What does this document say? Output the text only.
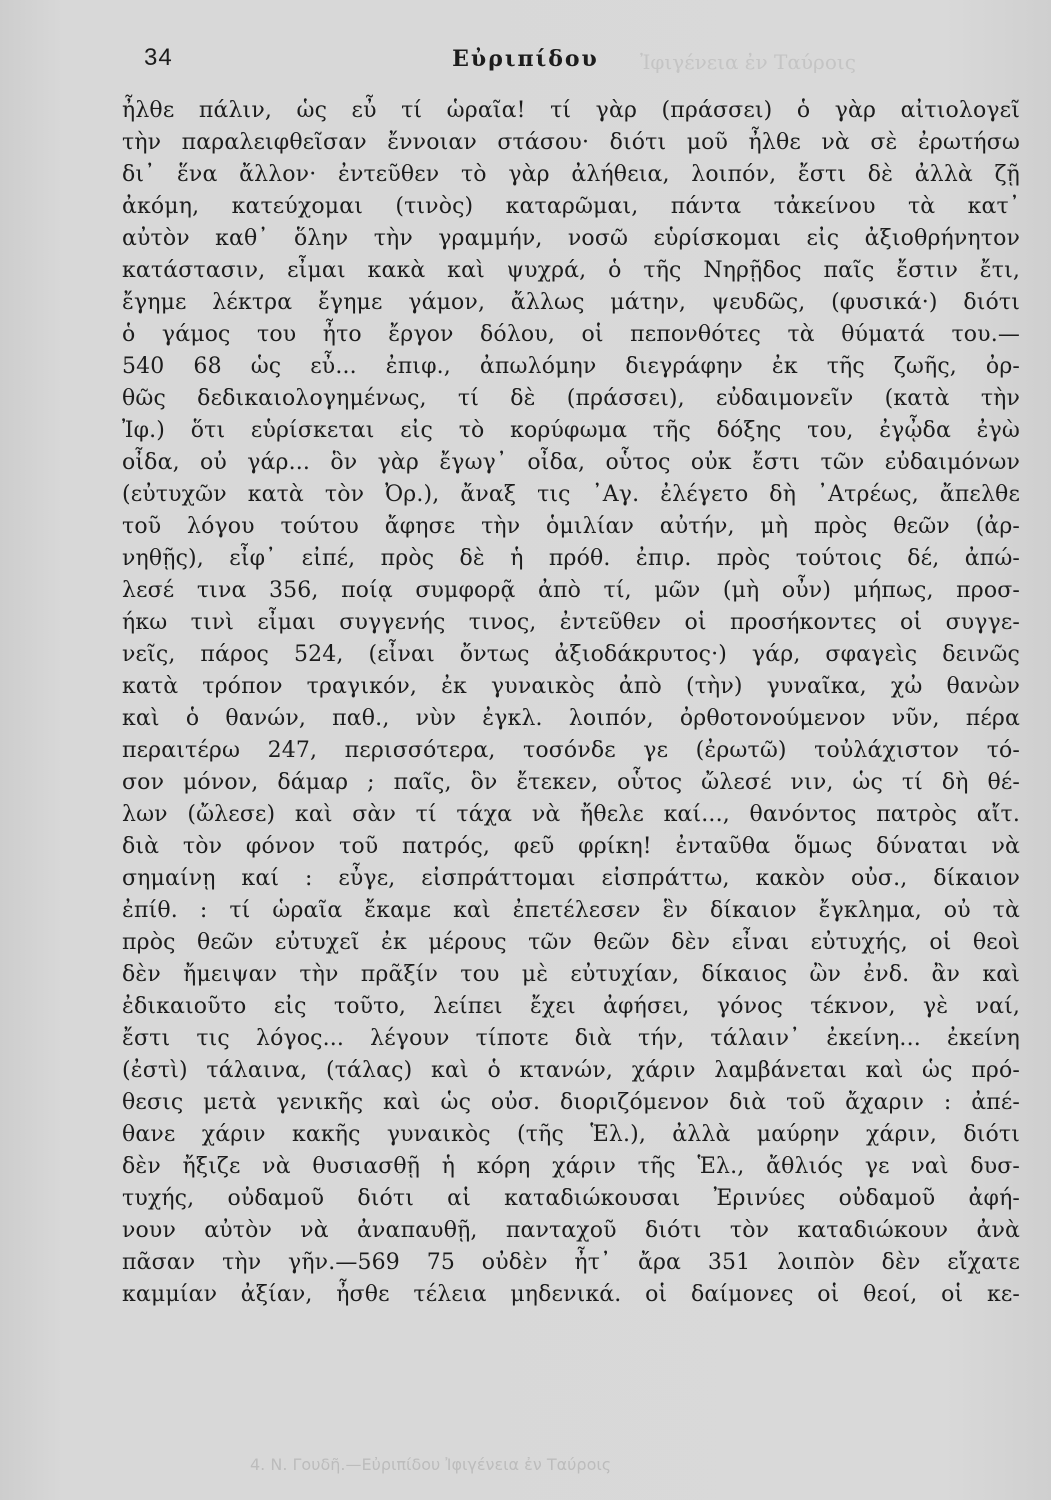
Ἰφιγένεια ἐν Ταύροις
34	Εὐριπίδου
ἦλθε πάλιν, ὡς εὖ τί ὡραῖα! τί γὰρ (πράσσει) ὁ γὰρ αἰτιολογεῖ
τὴν παραλειφθεῖσαν ἔννοιαν στάσου· διότι μοῦ ἦλθε νὰ σὲ ἐρωτήσω
δι᾽ ἕνα ἄλλον· ἐντεῦθεν τὸ γὰρ ἀλήθεια, λοιπόν, ἔστι δὲ ἀλλὰ ζῇ
ἀκόμη, κατεύχομαι (τινὸς) καταρῶμαι, πάντα τἀκείνου τὰ κατ᾽
αὐτὸν καθ᾽ ὅλην τὴν γραμμήν, νοσῶ εὑρίσκομαι εἰς ἀξιοθρήνητον
κατάστασιν, εἶμαι κακὰ καὶ ψυχρά, ὁ τῆς Νηρῇδος παῖς ἔστιν ἔτι,
ἔγημε λέκτρα ἔγημε γάμον, ἄλλως μάτην, ψευδῶς, (φυσικά·) διότι
ὁ γάμος του ἦτο ἔργον δόλου, οἱ πεπονθότες τὰ θύματά του.—
540 68 ὡς εὖ... ἐπιφ., ἀπωλόμην διεγράφην ἐκ τῆς ζωῆς, ὀρ-
θῶς δεδικαιολογημένως, τί δὲ (πράσσει), εὐδαιμονεῖν (κατὰ τὴν
Ἰφ.) ὅτι εὑρίσκεται εἰς τὸ κορύφωμα τῆς δόξης του, ἐγᾦδα ἐγὼ
οἶδα, οὐ γάρ... ὃν γὰρ ἔγωγ᾽ οἶδα, οὗτος οὐκ ἔστι τῶν εὐδαιμόνων
(εὐτυχῶν κατὰ τὸν Ὀρ.), ἄναξ τις ᾿Αγ. ἐλέγετο δὴ ᾿Ατρέως, ἄπελθε
τοῦ λόγου τούτου ἄφησε τὴν ὁμιλίαν αὐτήν, μὴ πρὸς θεῶν (ἀρ-
νηθῇς), εἶφ᾽ εἰπέ, πρὸς δὲ ἡ πρόθ. ἐπιρ. πρὸς τούτοις δέ, ἀπώ-
λεσέ τινα 356, ποίᾳ συμφορᾷ ἀπὸ τί, μῶν (μὴ οὖν) μήπως, προσ-
ήκω τινὶ εἶμαι συγγενής τινος, ἐντεῦθεν οἱ προσήκοντες οἱ συγγε-
νεῖς, πάρος 524, (εἶναι ὄντως ἀξιοδάκρυτος·) γάρ, σφαγεὶς δεινῶς
κατὰ τρόπον τραγικόν, ἐκ γυναικὸς ἀπὸ (τὴν) γυναῖκα, χὠ θανὼν
καὶ ὁ θανών, παθ., νὺν ἐγκλ. λοιπόν, ὀρθοτονούμενον νῦν, πέρα
περαιτέρω 247, περισσότερα, τοσόνδε γε (ἐρωτῶ) τοὐλάχιστον τό-
σον μόνον, δάμαρ ; παῖς, ὃν ἔτεκεν, οὗτος ὤλεσέ νιν, ὡς τί δὴ θέ-
λων (ὤλεσε) καὶ σὰν τί τάχα νὰ ἤθελε καί..., θανόντος πατρὸς αἴτ.
διὰ τὸν φόνον τοῦ πατρός, φεῦ φρίκη! ἐνταῦθα ὅμως δύναται νὰ
σημαίνῃ καί : εὖγε, εἰσπράττομαι εἰσπράττω, κακὸν οὐσ., δίκαιον
ἐπίθ. : τί ὡραῖα ἔκαμε καὶ ἐπετέλεσεν ἓν δίκαιον ἔγκλημα, οὐ τὰ
πρὸς θεῶν εὐτυχεῖ ἐκ μέρους τῶν θεῶν δὲν εἶναι εὐτυχής, οἱ θεοὶ
δὲν ἤμειψαν τὴν πρᾶξίν του μὲ εὐτυχίαν, δίκαιος ὢν ἐνδ. ἂν καὶ
ἐδικαιοῦτο εἰς τοῦτο, λείπει ἔχει ἀφήσει, γόνος τέκνον, γὲ ναί,
ἔστι τις λόγος... λέγουν τίποτε διὰ τήν, τάλαιν᾽ ἐκείνη... ἐκείνη
(ἐστὶ) τάλαινα, (τάλας) καὶ ὁ κτανών, χάριν λαμβάνεται καὶ ὡς πρό-
θεσις μετὰ γενικῆς καὶ ὡς οὐσ. διοριζόμενον διὰ τοῦ ἄχαριν : ἀπέ-
θανε χάριν κακῆς γυναικὸς (τῆς Ἑλ.), ἀλλὰ μαύρην χάριν, διότι
δὲν ἤξιζε νὰ θυσιασθῇ ἡ κόρη χάριν τῆς Ἑλ., ἄθλιός γε ναὶ δυσ-
τυχής, οὐδαμοῦ διότι αἱ καταδιώκουσαι Ἐρινύες οὐδαμοῦ ἀφή-
νουν αὐτὸν νὰ ἀναπαυθῇ, πανταχοῦ διότι τὸν καταδιώκουν ἀνὰ
πᾶσαν τὴν γῆν.—569 75 οὐδὲν ἦτ᾽ ἄρα 351 λοιπὸν δὲν εἴχατε
καμμίαν ἀξίαν, ἦσθε τέλεια μηδενικά. οἱ δαίμονες οἱ θεοί, οἱ κε-
4. Ν. Γουδῆ.—Εὐριπίδου Ἰφιγένεια ἐν Ταύροις
